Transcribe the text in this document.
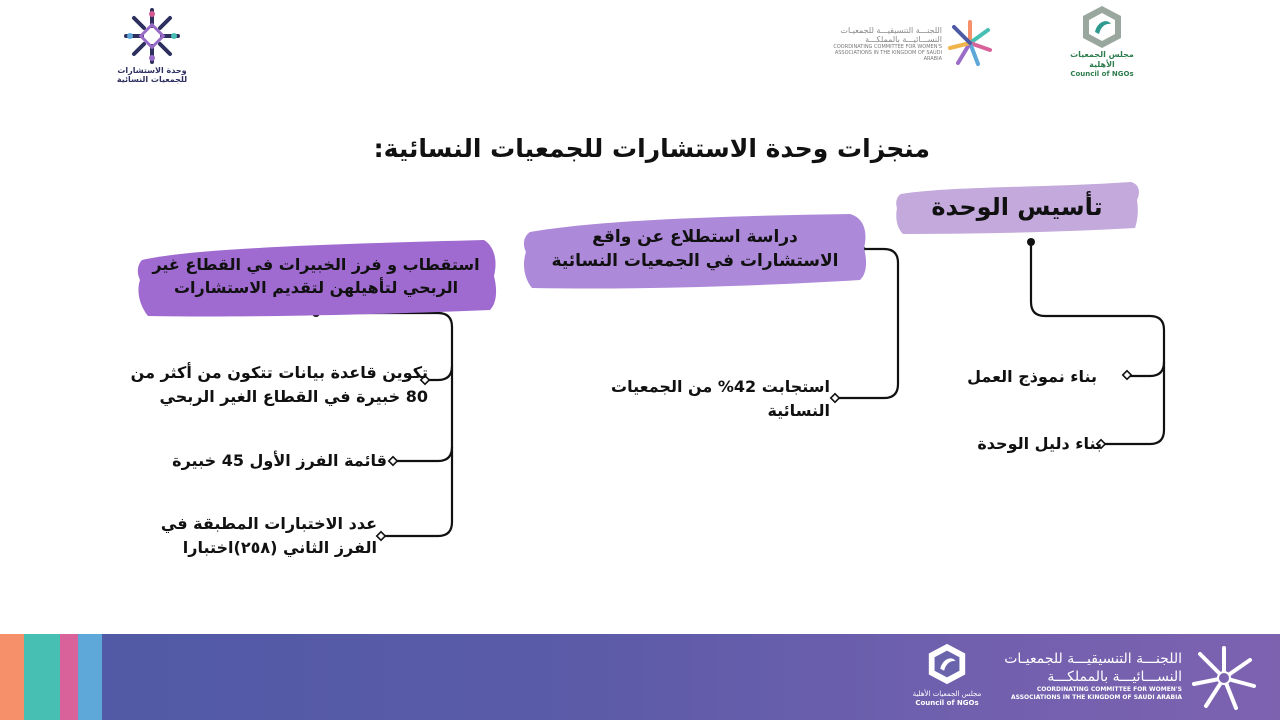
وحدة الاستشارات
للجمعيات النسائية
اللجنـــة التنسيقيـــة للجمعيـات
النســـائيـــة بالمملكـــة
COORDINATING COMMITTEE FOR WOMEN'S
ASSOCIATIONS IN THE KINGDOM OF SAUDI ARABIA	مجلس الجمعيات الأهلية
Council of NGOs
منجزات وحدة الاستشارات للجمعيات النسائية:
تأسيس الوحدة
دراسة استطلاع عن واقع
الاستشارات في الجمعيات النسائية
استقطاب و فرز الخبيرات في القطاع غير
الربحي لتأهيلهن لتقديم الاستشارات
بناء نموذج العمل
بناء دليل الوحدة
استجابت 42% من الجمعيات
النسائية
تكوين قاعدة بيانات تتكون من أكثر من
80 خبيرة في القطاع الغير الربحي
قائمة الفرز الأول 45 خبيرة
عدد الاختبارات المطبقة في
الفرز الثاني (٢٥٨)اختبارا
مجلس الجمعيات الأهلية
Council of NGOs
اللجنـــة التنسيقيـــة للجمعيـات
النســـائيـــة بالمملكـــة
COORDINATING COMMITTEE FOR WOMEN'S
ASSOCIATIONS IN THE KINGDOM OF SAUDI ARABIA
